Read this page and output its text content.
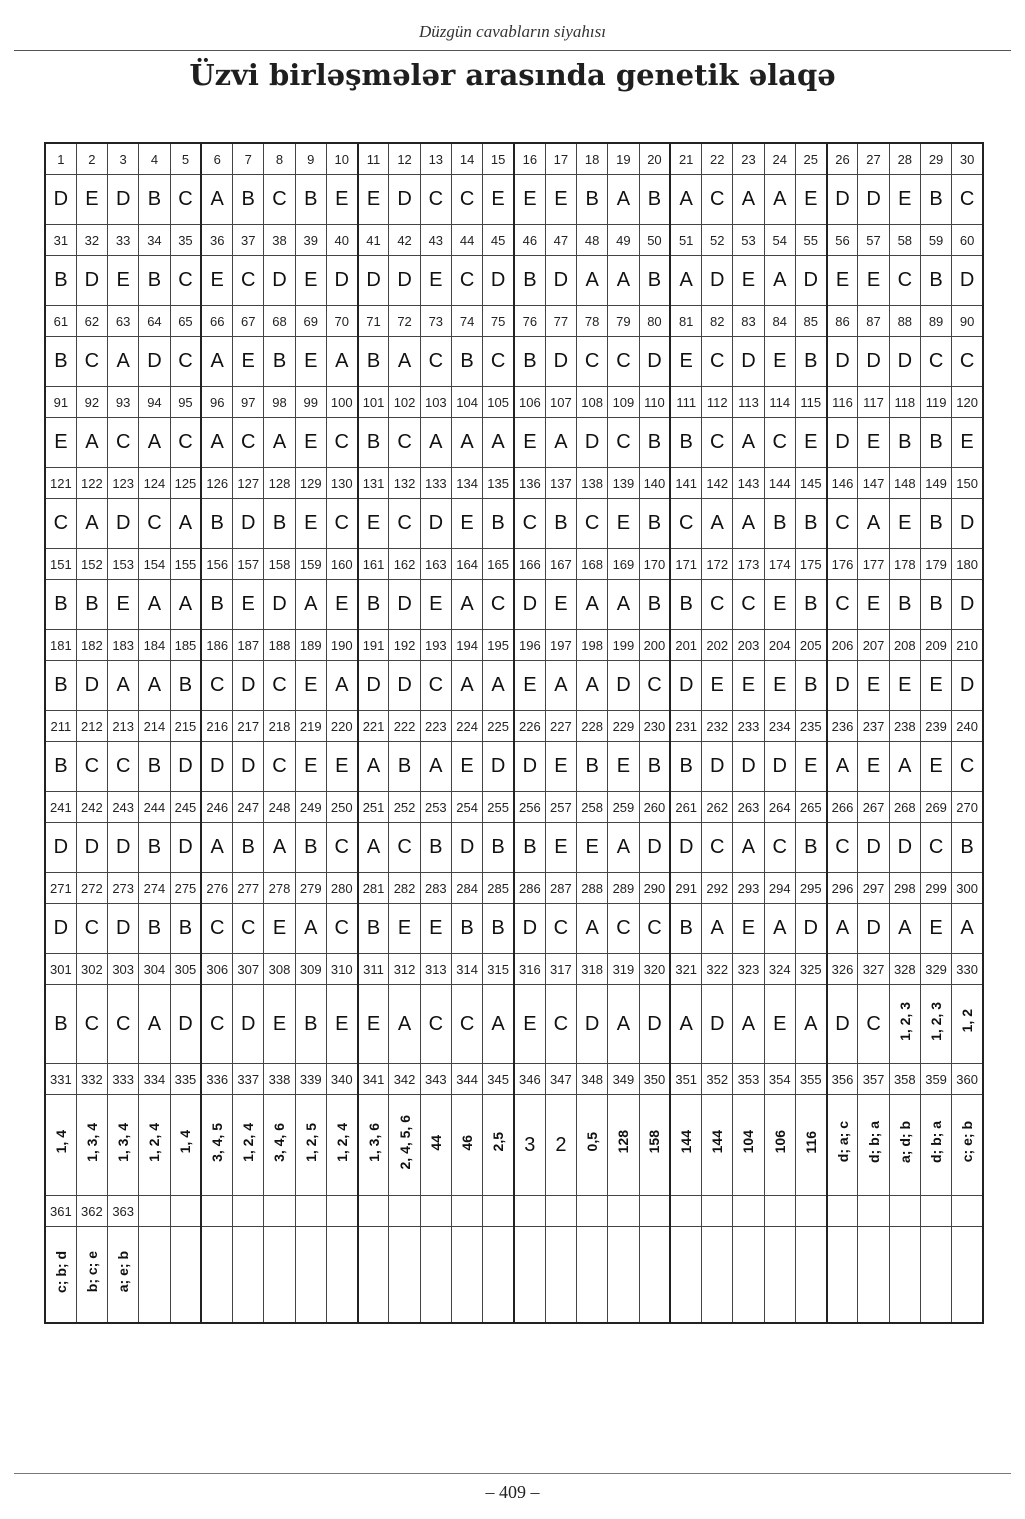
Düzgün cavabların siyahısı
Üzvi birləşmələr arasında genetik əlaqə
1	2	3	4	5	6	7	8	9	10	11	12	13	14	15	16	17	18	19	20	21	22	23	24	25	26	27	28	29	30
D	E	D	B	C	A	B	C	B	E	E	D	C	C	E	E	E	B	A	B	A	C	A	A	E	D	D	E	B	C
31	32	33	34	35	36	37	38	39	40	41	42	43	44	45	46	47	48	49	50	51	52	53	54	55	56	57	58	59	60
B	D	E	B	C	E	C	D	E	D	D	D	E	C	D	B	D	A	A	B	A	D	E	A	D	E	E	C	B	D
61	62	63	64	65	66	67	68	69	70	71	72	73	74	75	76	77	78	79	80	81	82	83	84	85	86	87	88	89	90
B	C	A	D	C	A	E	B	E	A	B	A	C	B	C	B	D	C	C	D	E	C	D	E	B	D	D	D	C	C
91	92	93	94	95	96	97	98	99	100	101	102	103	104	105	106	107	108	109	110	111	112	113	114	115	116	117	118	119	120
E	A	C	A	C	A	C	A	E	C	B	C	A	A	A	E	A	D	C	B	B	C	A	C	E	D	E	B	B	E
121	122	123	124	125	126	127	128	129	130	131	132	133	134	135	136	137	138	139	140	141	142	143	144	145	146	147	148	149	150
C	A	D	C	A	B	D	B	E	C	E	C	D	E	B	C	B	C	E	B	C	A	A	B	B	C	A	E	B	D
151	152	153	154	155	156	157	158	159	160	161	162	163	164	165	166	167	168	169	170	171	172	173	174	175	176	177	178	179	180
B	B	E	A	A	B	E	D	A	E	B	D	E	A	C	D	E	A	A	B	B	C	C	E	B	C	E	B	B	D
181	182	183	184	185	186	187	188	189	190	191	192	193	194	195	196	197	198	199	200	201	202	203	204	205	206	207	208	209	210
B	D	A	A	B	C	D	C	E	A	D	D	C	A	A	E	A	A	D	C	D	E	E	E	B	D	E	E	E	D
211	212	213	214	215	216	217	218	219	220	221	222	223	224	225	226	227	228	229	230	231	232	233	234	235	236	237	238	239	240
B	C	C	B	D	D	D	C	E	E	A	B	A	E	D	D	E	B	E	B	B	D	D	D	E	A	E	A	E	C
241	242	243	244	245	246	247	248	249	250	251	252	253	254	255	256	257	258	259	260	261	262	263	264	265	266	267	268	269	270
D	D	D	B	D	A	B	A	B	C	A	C	B	D	B	B	E	E	A	D	D	C	A	C	B	C	D	D	C	B
271	272	273	274	275	276	277	278	279	280	281	282	283	284	285	286	287	288	289	290	291	292	293	294	295	296	297	298	299	300
D	C	D	B	B	C	C	E	A	C	B	E	E	B	B	D	C	A	C	C	B	A	E	A	D	A	D	A	E	A
301	302	303	304	305	306	307	308	309	310	311	312	313	314	315	316	317	318	319	320	321	322	323	324	325	326	327	328	329	330
B	C	C	A	D	C	D	E	B	E	E	A	C	C	A	E	C	D	A	D	A	D	A	E	A	D	C	1, 2, 3	1, 2, 3	1, 2
331	332	333	334	335	336	337	338	339	340	341	342	343	344	345	346	347	348	349	350	351	352	353	354	355	356	357	358	359	360
1, 4	1, 3, 4	1, 3, 4	1, 2, 4	1, 4	3, 4, 5	1, 2, 4	3, 4, 6	1, 2, 5	1, 2, 4	1, 3, 6	2, 4, 5, 6	44	46	2,5	3	2	0,5	128	158	144	144	104	106	116	d; a; c	d; b; a	a; d; b	d; b; a	c; e; b
361	362	363																											
c; b; d	b; c; e	a; e; b																											
– 409 –
